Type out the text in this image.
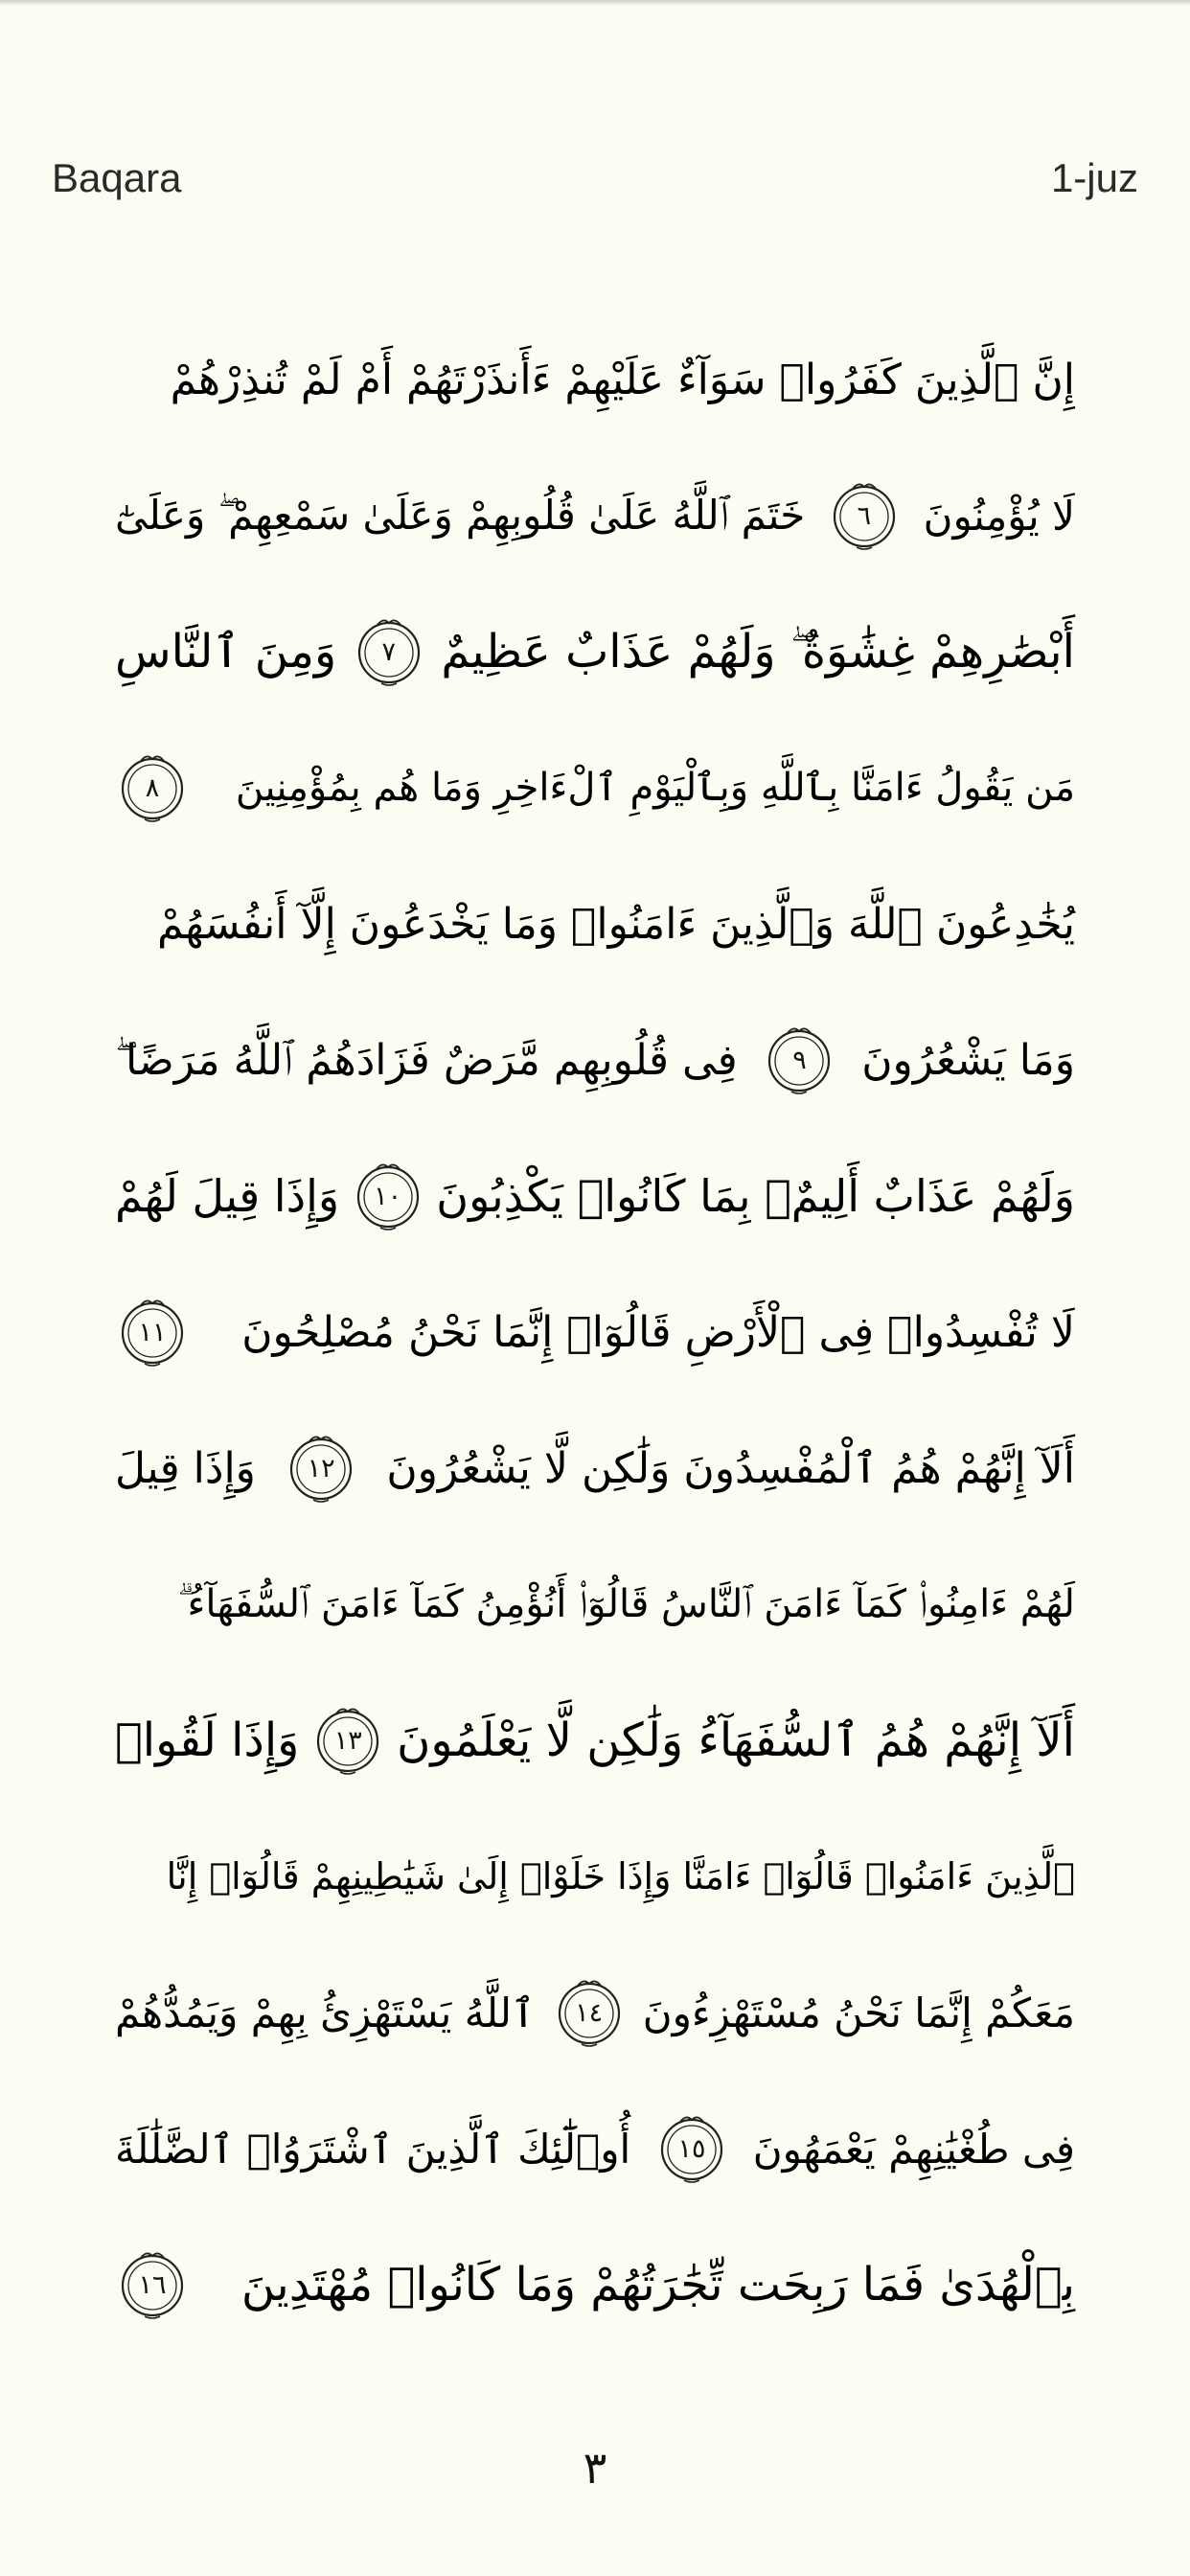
Baqara	1-juz
إِنَّ ٱلَّذِينَ كَفَرُوا۟ سَوَآءٌ عَلَيْهِمْ ءَأَنذَرْتَهُمْ أَمْ لَمْ تُنذِرْهُمْ
لَا يُؤْمِنُونَ
٦
خَتَمَ ٱللَّهُ عَلَىٰ قُلُوبِهِمْ وَعَلَىٰ سَمْعِهِمْ ۖ وَعَلَىٰٓ
أَبْصَٰرِهِمْ غِشَٰوَةٌ ۖ وَلَهُمْ عَذَابٌ عَظِيمٌ
٧
وَمِنَ ٱلنَّاسِ
مَن يَقُولُ ءَامَنَّا بِٱللَّهِ وَبِٱلْيَوْمِ ٱلْءَاخِرِ وَمَا هُم بِمُؤْمِنِينَ
٨
يُخَٰدِعُونَ ٱللَّهَ وَٱلَّذِينَ ءَامَنُوا۟ وَمَا يَخْدَعُونَ إِلَّآ أَنفُسَهُمْ
وَمَا يَشْعُرُونَ
٩
فِى قُلُوبِهِم مَّرَضٌ فَزَادَهُمُ ٱللَّهُ مَرَضًا ۖ
وَلَهُمْ عَذَابٌ أَلِيمٌۢ بِمَا كَانُوا۟ يَكْذِبُونَ
١٠
وَإِذَا قِيلَ لَهُمْ
لَا تُفْسِدُوا۟ فِى ٱلْأَرْضِ قَالُوٓا۟ إِنَّمَا نَحْنُ مُصْلِحُونَ
١١
أَلَآ إِنَّهُمْ هُمُ ٱلْمُفْسِدُونَ وَلَٰكِن لَّا يَشْعُرُونَ
١٢
وَإِذَا قِيلَ
لَهُمْ ءَامِنُوا۟ كَمَآ ءَامَنَ ٱلنَّاسُ قَالُوٓا۟ أَنُؤْمِنُ كَمَآ ءَامَنَ ٱلسُّفَهَآءُ ۗ
أَلَآ إِنَّهُمْ هُمُ ٱلسُّفَهَآءُ وَلَٰكِن لَّا يَعْلَمُونَ
١٣
وَإِذَا لَقُوا۟
ٱلَّذِينَ ءَامَنُوا۟ قَالُوٓا۟ ءَامَنَّا وَإِذَا خَلَوْا۟ إِلَىٰ شَيَٰطِينِهِمْ قَالُوٓا۟ إِنَّا
مَعَكُمْ إِنَّمَا نَحْنُ مُسْتَهْزِءُونَ
١٤
ٱللَّهُ يَسْتَهْزِئُ بِهِمْ وَيَمُدُّهُمْ
فِى طُغْيَٰنِهِمْ يَعْمَهُونَ
١٥
أُو۟لَٰٓئِكَ ٱلَّذِينَ ٱشْتَرَوُا۟ ٱلضَّلَٰلَةَ
بِٱلْهُدَىٰ فَمَا رَبِحَت تِّجَٰرَتُهُمْ وَمَا كَانُوا۟ مُهْتَدِينَ
١٦
٣
